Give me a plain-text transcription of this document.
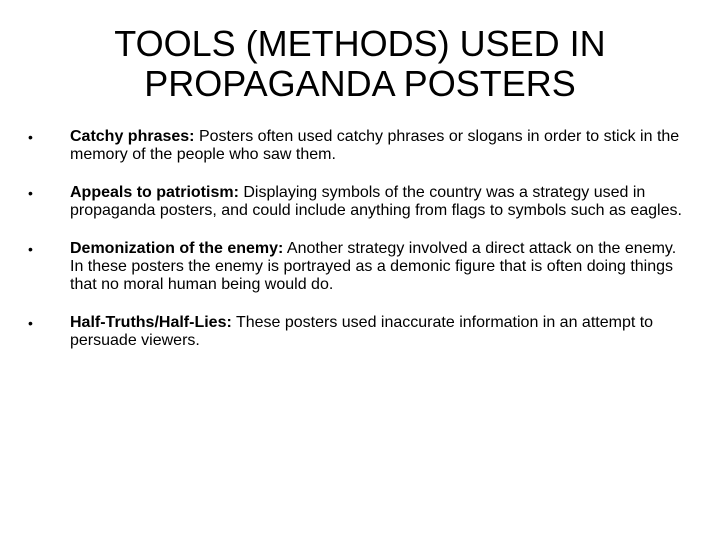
TOOLS (METHODS) USED IN
PROPAGANDA POSTERS
•	Catchy phrases: Posters often used catchy phrases or slogans in order to stick in the memory of the people who saw them.
•	Appeals to patriotism: Displaying symbols of the country was a strategy used in propaganda posters, and could include anything from flags to symbols such as eagles.
•	Demonization of the enemy: Another strategy involved a direct attack on the enemy. In these posters the enemy is portrayed as a demonic figure that is often doing things that no moral human being would do.
•	Half-Truths/Half-Lies: These posters used inaccurate information in an attempt to persuade viewers.
